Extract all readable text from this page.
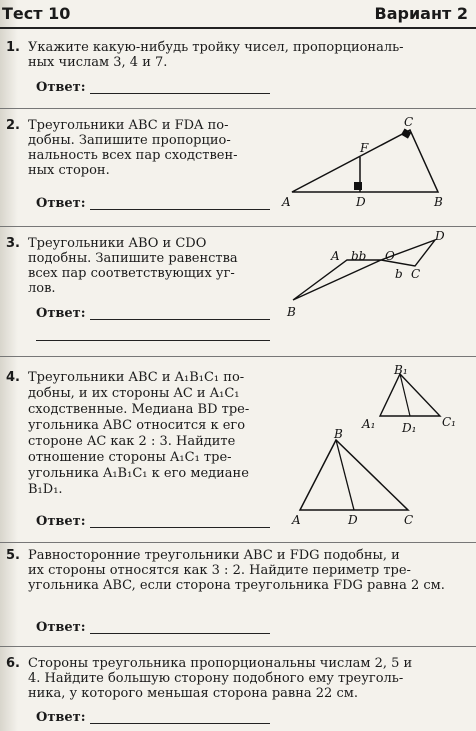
Тест 10	Вариант 2
1. Укажите какую-нибудь тройку чисел, пропорциональ-
ных числам 3, 4 и 7.
Ответ:
2. Треугольники ABC и FDA по-
добны. Запишите пропорцио-
нальность всех пар сходствен-
ных сторон.
A	D	B
C
F
Ответ:
3. Треугольники ABO и CDO
подобны. Запишите равенства
всех пар соответствующих уг-
лов.
A bb O
D
b C
B
Ответ:
4. Треугольники ABC и A₁B₁C₁ по-
добны, и их стороны AC и A₁C₁
сходственные. Медиана BD тре-
угольника ABC относится к его
стороне AC как 2 : 3. Найдите
отношение стороны A₁C₁ тре-
угольника A₁B₁C₁ к его медиане
B₁D₁.
B₁
A₁ D₁ C₁
B
A	D	C
Ответ:
5. Равносторонние треугольники ABC и FDG подобны, и
их стороны относятся как 3 : 2. Найдите периметр тре-
угольника ABC, если сторона треугольника FDG равна 2 см.
Ответ:
6. Стороны треугольника пропорциональны числам 2, 5 и
4. Найдите большую сторону подобного ему треуголь-
ника, у которого меньшая сторона равна 22 см.
Ответ:
